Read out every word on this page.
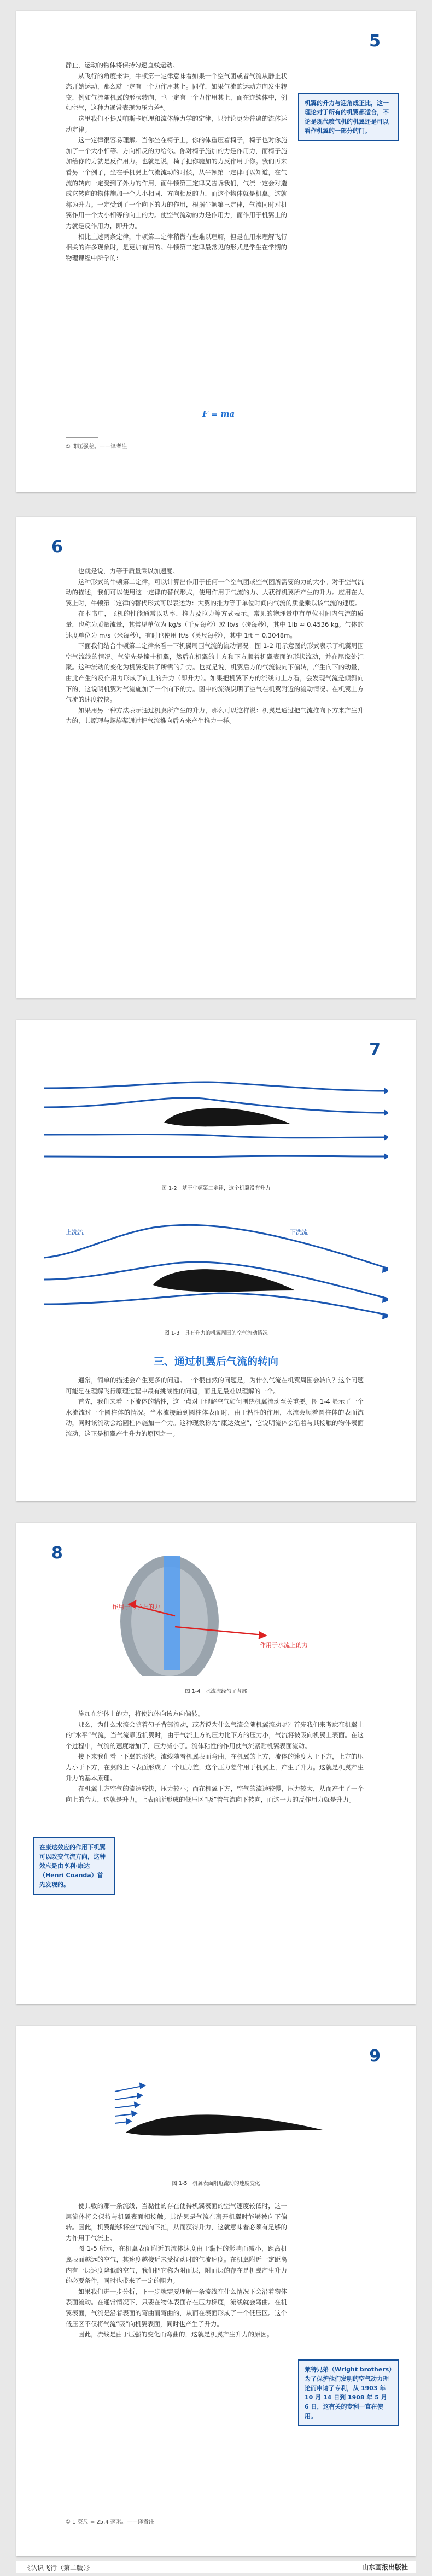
5

静止，运动的物体将保持匀速直线运动。

从飞行的角度来讲，牛顿第一定律意味着如果一个空气团或者气流从静止状态开始运动，那么就一定有一个力作用其上。同样，如果气流的运动方向发生转变，例如气流随机翼的形状转向，也一定有一个力作用其上，而在连续体中，例如空气，这种力通常表现为压力差*。

这里我们不提及帕斯卡原理和流体静力学的定律，只讨论更为普遍的流体运动定律。

这一定律很容易理解。当你坐在椅子上，你的体重压着椅子，椅子也对你施加了一个大小相等、方向相反的力给你。你对椅子施加的力是作用力，而椅子施加给你的力就是反作用力。也就是说，椅子把你施加的力反作用于你。我们再来看另一个例子，坐在手机翼上气流流动的时候，从牛顿第一定律可以知道，在气流的转向一定受到了外力的作用，而牛顿第三定律又告诉我们，气流一定会对造成它转向的物体施加一个大小相同、方向相反的力，而这个物体就是机翼。这就称为升力。一定受到了一个向下的力的作用，根据牛顿第三定律，气流同时对机翼作用一个大小相等的向上的力。使空气流动的力是作用力，而作用于机翼上的力就是反作用力，即升力。

相比上述两条定律，牛顿第二定律稍微有些难以理解，但是在用来理解飞行相关的许多现象时，是更加有用的。牛顿第二定律最常见的形式是学生在学期的物理课程中所学的：

机翼的升力与迎角成正比，这一理论对于所有的机翼都适合，不论是现代喷气机的机翼还是可以看作机翼的一部分的门。
F = ma
① 即压强差。——译者注
6

也就是说，力等于质量乘以加速度。

这种形式的牛顿第二定律，可以计算出作用于任何一个空气团或空气团所需要的力的大小。对于空气流动的描述，我们可以使用这一定律的替代形式，使用作用于气流的力、大获得机翼所产生的升力。应用在大翼上时，牛顿第二定律的替代形式可以表述为：大翼的推力等于单位时间内气流的质量乘以该气流的速度。

在本书中，飞机的性能通常以功率、推力及拉力等方式表示。常见的物理量中有单位时间内气流的质量，也称为质量流量，其常见单位为 kg/s（千克每秒）或 lb/s（磅每秒），其中 1lb ≈ 0.4536 kg。气体的速度单位为 m/s（米每秒），有时也使用 ft/s（英尺每秒），其中 1ft = 0.3048m。

下面我们结合牛顿第二定律来看一下机翼周围气流的流动情况。图 1-2 用示意图的形式表示了机翼周围空气流线的情况。气流先是撞击机翼，然后在机翼的上方和下方顺着机翼表面的形状流动，并在尾缘处汇聚。这种流动的变化为机翼提供了所需的升力。也就是说，机翼后方的气流被向下偏转，产生向下的动量，由此产生的反作用力形成了向上的升力（即升力）。如果把机翼下方的流线向上方看，会发现气流是倾斜向下的，这说明机翼对气流施加了一个向下的力。图中的流线说明了空气在机翼附近的流动情况。在机翼上方气流的速度较快。

如果用另一种方法表示通过机翼所产生的升力，那么可以这样说：机翼是通过把气流推向下方来产生升力的，其原理与螺旋桨通过把气流推向后方来产生推力一样。

7
图 1-2　基于牛顿第二定律，这个机翼没有升力
上洗流	下洗流
图 1-3　具有升力的机翼周围的空气流动情况
三、通过机翼后气流的转向

通常，简单的描述会产生更多的问题。一个很自然的问题是，为什么气流在机翼周围会转向？这个问题可能是在理解飞行原理过程中最有挑战性的问题，而且是最难以理解的一个。

首先，我们来看一下流体的粘性，这一点对于理解空气如何围绕机翼流动至关重要。图 1-4 显示了一个水流流过一个圆柱体的情况。当水流接触到圆柱体表面时，由于粘性的作用，水流会顺着圆柱体的表面流动，同时该流动会给圆柱体施加一个力。这种现象称为“康达效应”，它说明流体会沿着与其接触的物体表面流动，这正是机翼产生升力的原因之一。

8
作用于勺子上的力
作用于水流上的力
图 1-4　水流流经勺子背部

施加在流体上的力，将使流体向该方向偏转。

那么，为什么水流会随着勺子背部流动，或者说为什么气流会随机翼流动呢？首先我们来考虑在机翼上的“水平”气流，当气流靠近机翼时，由于气流上方的压力比下方的压力小，气流将被吸向机翼上表面。在这个过程中，气流的速度增加了，压力减小了。流体粘性的作用使气流紧贴机翼表面流动。

接下来我们看一下翼的形状。流线随着机翼表面弯曲，在机翼的上方，流体的速度大于下方，上方的压力小于下方，在翼的上下表面形成了一个压力差，这个压力差作用于机翼上，产生了升力。这就是机翼产生升力的基本原理。

在机翼上方空气的流速较快，压力较小；而在机翼下方，空气的流速较慢，压力较大，从而产生了一个向上的合力，这就是升力。上表面所形成的低压区“吸”着气流向下转向，而这一力的反作用力就是升力。

在康达效应的作用下机翼可以改变气流方向，这种效应是由亨利·康达（Henri Coanda）首先发现的。
9
图 1-5　机翼表面附近流动的速度变化

使其收的那一条流线，当黏性的存在使得机翼表面的空气速度较低时，这一层流体将会保持与机翼表面相接触。其结果是气流在离开机翼时能够被向下偏转。因此，机翼能够将空气流向下推，从而获得升力，这就意味着必须有足够的力作用于气流上。

图 1-5 所示，在机翼表面附近的流体速度由于黏性的影响而减小，距离机翼表面越远的空气，其速度越接近未受扰动时的气流速度。在机翼附近一定距离内有一层速度降低的空气，我们把它称为附面层，附面层的存在是机翼产生升力的必要条件，同时也带来了一定的阻力。

如果我们进一步分析，下一步就需要理解一条流线在什么情况下会沿着物体表面流动。在通常情况下，只要在物体表面存在压力梯度，流线就会弯曲。在机翼表面，气流是沿着表面的弯曲而弯曲的，从而在表面形成了一个低压区。这个低压区不仅将气流“吸”向机翼表面，同时也产生了升力。

因此，流线是由于压强的变化而弯曲的，这就是机翼产生升力的原因。

莱特兄弟（Wright brothers）为了保护他们发明的空气动力理论而申请了专利，从 1903 年 10 月 14 日到 1908 年 5 月 6 日，这有关的专利一直在使用。
① 1 英尺 = 25.4 毫米。——译者注
《认识飞行（第二版）》	山东画报出版社
